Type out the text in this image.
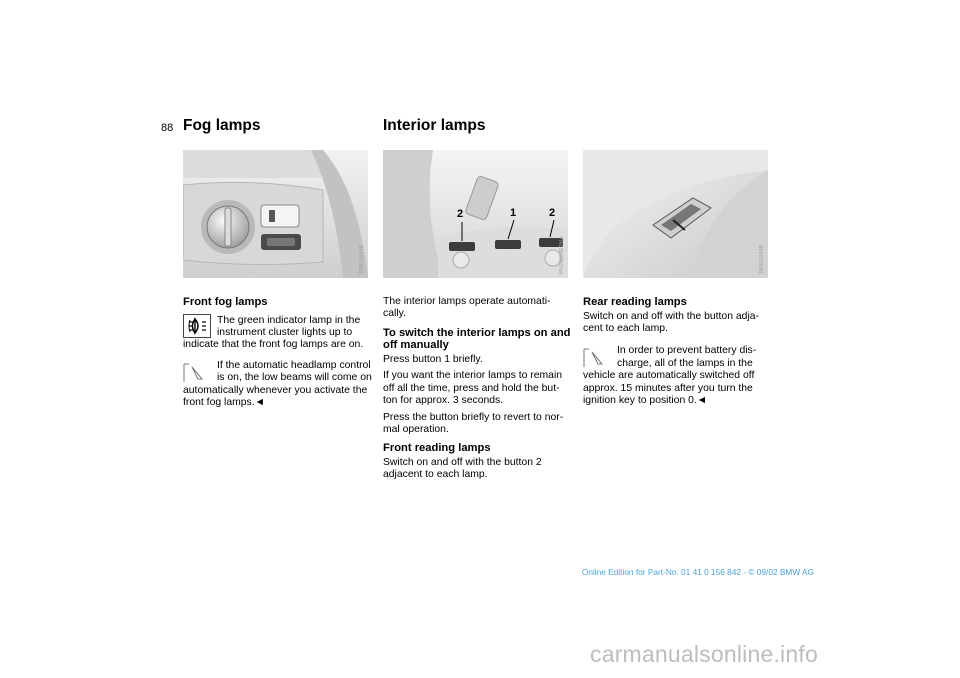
88 Fog lamps
390US0048
Front fog lamps

The green indicator lamp in the instrument cluster lights up to indicate that the front fog lamps are on.

If the automatic headlamp control is on, the low beams will come on automatically whenever you activate the front fog lamps.◄

Interior lamps
2	1	2
MV05804E3MA

The interior lamps operate automati-cally.

To switch the interior lamps on and off manually

Press button 1 briefly.

If you want the interior lamps to remain off all the time, press and hold the but-ton for approx. 3 seconds.

Press the button briefly to revert to nor-mal operation.

Front reading lamps

Switch on and off with the button 2 adjacent to each lamp.

390US0049
Rear reading lamps

Switch on and off with the button adja-cent to each lamp.

In order to prevent battery dis-charge, all of the lamps in the vehicle are automatically switched off approx. 15 minutes after you turn the ignition key to position 0.◄

Online Edition for Part-No. 01 41 0 156 842 - © 09/02 BMW AG
carmanualsonline.info
